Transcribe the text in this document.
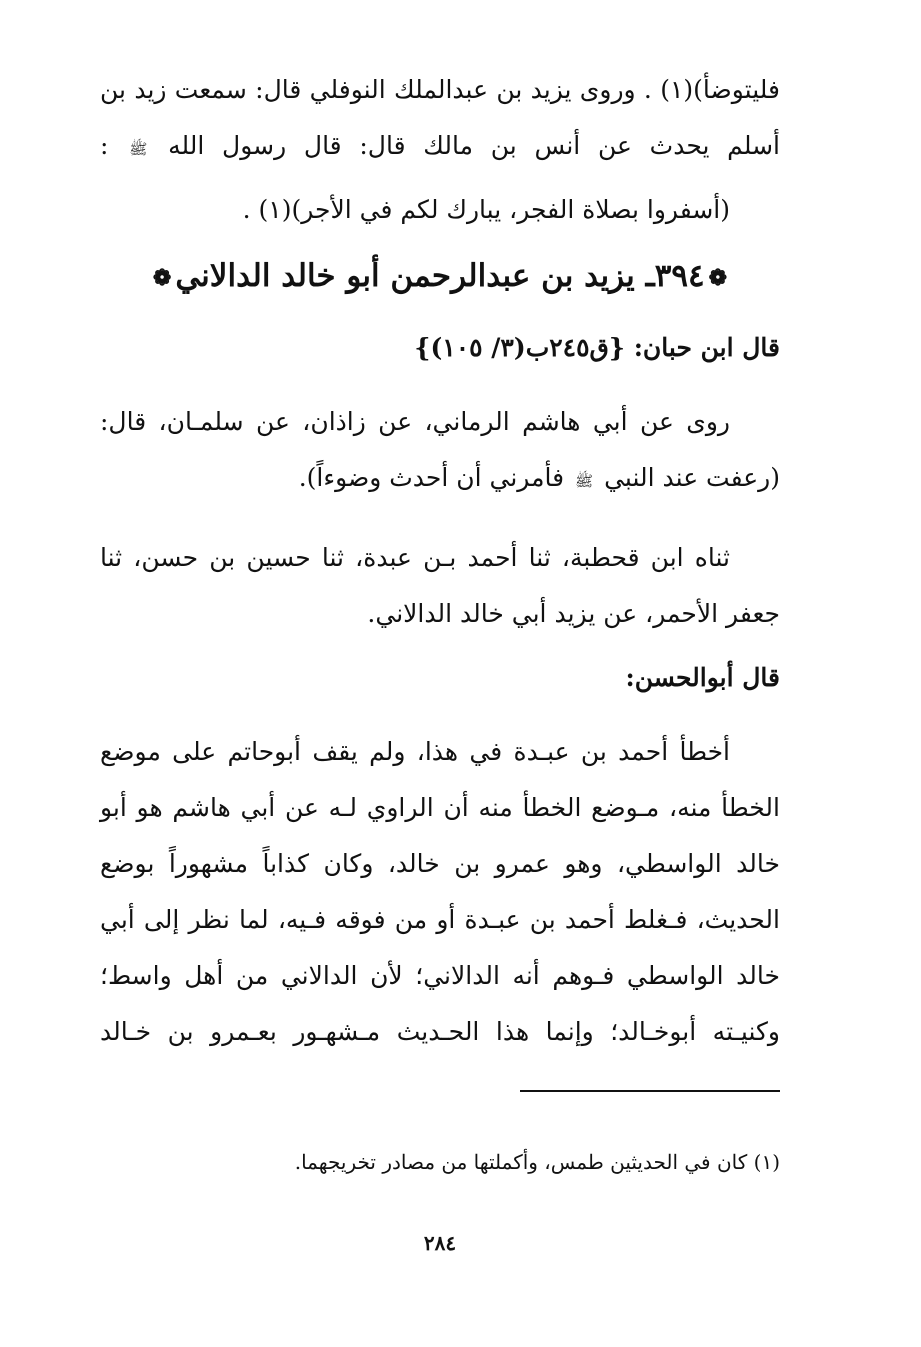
فليتوضأ)(١) . وروى يزيد بن عبدالملك النوفلي قال: سمعت زيد بن
أسلم يحدث عن أنس بن مالك قال: قال رسول الله ﷺ :
(أسفروا بصلاة الفجر، يبارك لكم في الأجر)(١) .
❁٣٩٤ـ يزيد بن عبدالرحمن أبو خالد الدالاني❁
قال ابن حبان: {ق٢٤٥ب(٣/ ١٠٥)}
روى عن أبي هاشم الرماني، عن زاذان، عن سلمـان، قال:
(رعفت عند النبي ﷺ فأمرني أن أحدث وضوءاً).
ثناه ابن قحطبة، ثنا أحمد بـن عبدة، ثنا حسين بن حسن، ثنا
جعفر الأحمر، عن يزيد أبي خالد الدالاني.
قال أبوالحسن:
أخطأ أحمد بن عبـدة في هذا، ولم يقف أبوحاتم على موضع
الخطأ منه، مـوضع الخطأ منه أن الراوي لـه عن أبي هاشم هو أبو
خالد الواسطي، وهو عمرو بن خالد، وكان كذاباً مشهوراً بوضع
الحديث، فـغلط أحمد بن عبـدة أو من فوقه فـيه، لما نظر إلى أبي
خالد الواسطي فـوهم أنه الدالاني؛ لأن الدالاني من أهل واسط؛
وكنيـته أبوخـالد؛ وإنما هذا الحـديث مـشهـور بعـمرو بن خـالد
(١) كان في الحديثين طمس، وأكملتها من مصادر تخريجهما.
٢٨٤
